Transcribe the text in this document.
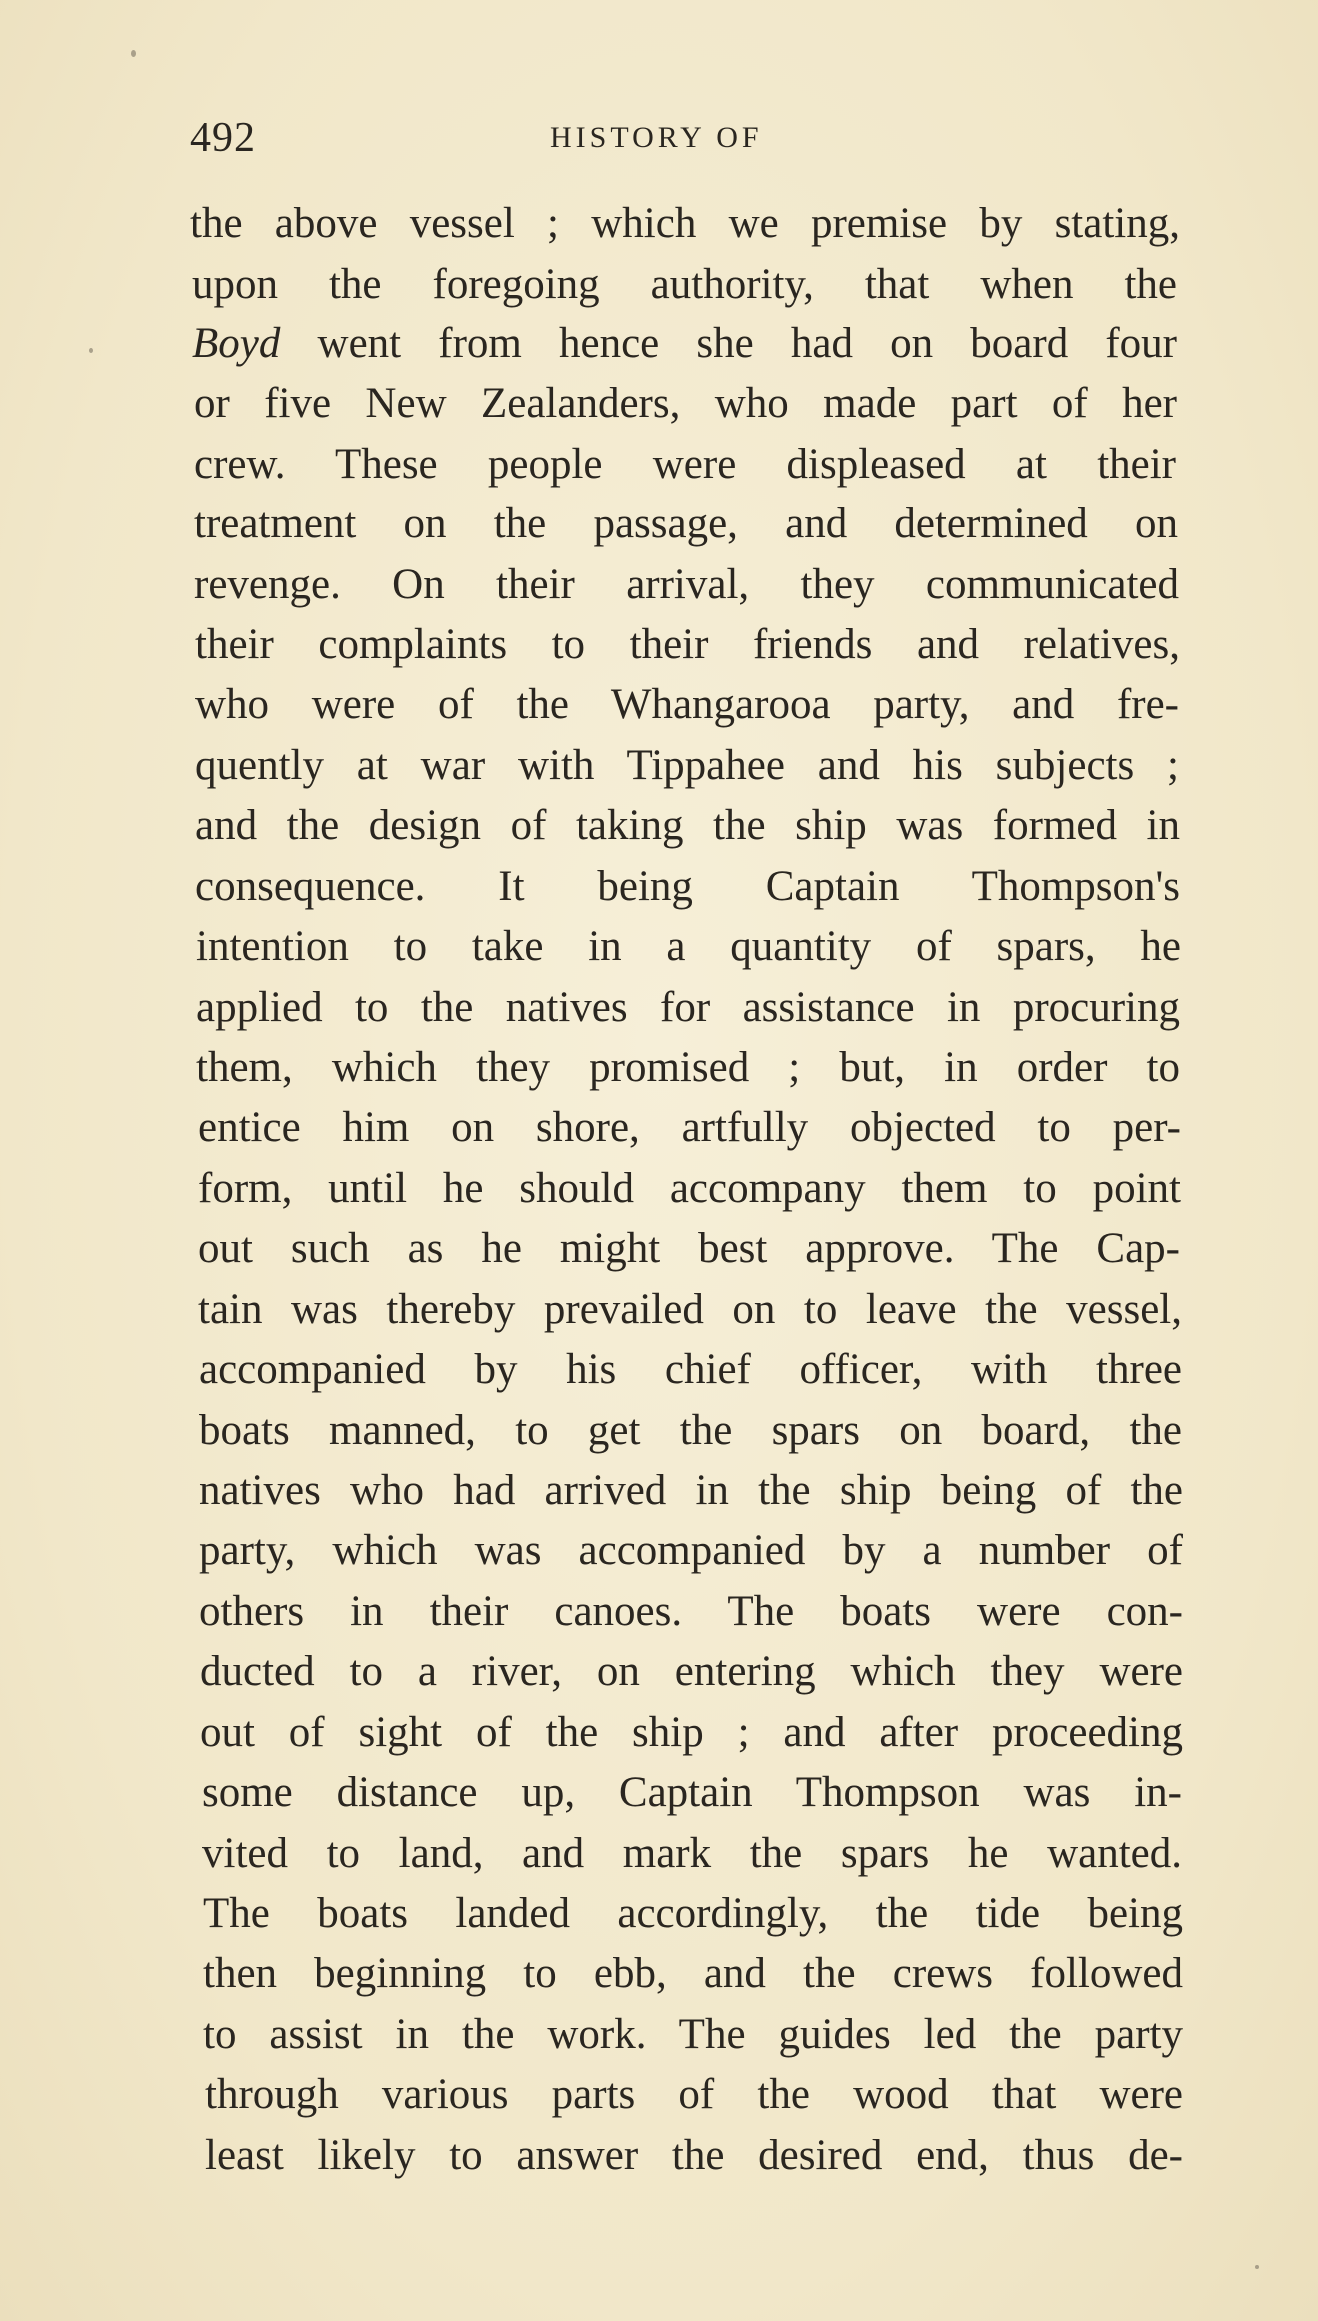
492	HISTORY OF
the above vessel ; which we premise by stating,
upon the foregoing authority, that when the
Boyd went from hence she had on board four
or five New Zealanders, who made part of her
crew. These people were displeased at their
treatment on the passage, and determined on
revenge. On their arrival, they communicated
their complaints to their friends and relatives,
who were of the Whangarooa party, and fre-
quently at war with Tippahee and his subjects ;
and the design of taking the ship was formed in
consequence. It being Captain Thompson's
intention to take in a quantity of spars, he
applied to the natives for assistance in procuring
them, which they promised ; but, in order to
entice him on shore, artfully objected to per-
form, until he should accompany them to point
out such as he might best approve. The Cap-
tain was thereby prevailed on to leave the vessel,
accompanied by his chief officer, with three
boats manned, to get the spars on board, the
natives who had arrived in the ship being of the
party, which was accompanied by a number of
others in their canoes. The boats were con-
ducted to a river, on entering which they were
out of sight of the ship ; and after proceeding
some distance up, Captain Thompson was in-
vited to land, and mark the spars he wanted.
The boats landed accordingly, the tide being
then beginning to ebb, and the crews followed
to assist in the work. The guides led the party
through various parts of the wood that were
least likely to answer the desired end, thus de-
